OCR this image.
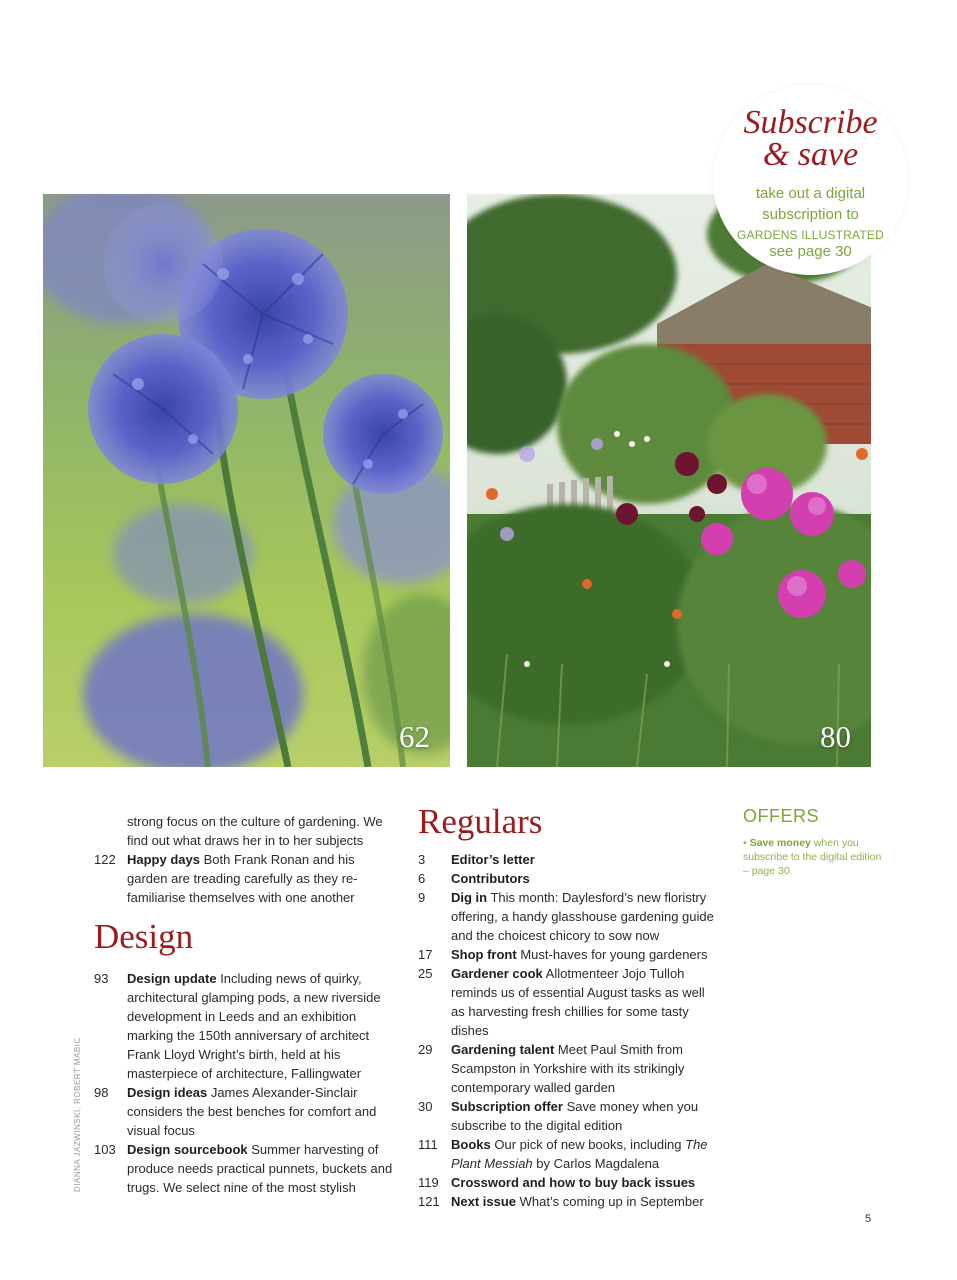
62	80
Subscribe
& save
take out a digital
subscription to
GARDENS ILLUSTRATED
see page 30
DIANNA JAZWINSKI, ROBERT MABIC
strong focus on the culture of gardening. We
find out what draws her in to her subjects
122 Happy days Both Frank Ronan and his garden are treading carefully as they re-familiarise themselves with one another
Design
93 Design update Including news of quirky, architectural glamping pods, a new riverside development in Leeds and an exhibition marking the 150th anniversary of architect Frank Lloyd Wright’s birth, held at his masterpiece of architecture, Fallingwater
98 Design ideas James Alexander-Sinclair considers the best benches for comfort and visual focus
103 Design sourcebook Summer harvesting of produce needs practical punnets, buckets and trugs. We select nine of the most stylish
Regulars
3 Editor’s letter
6 Contributors
9 Dig in This month: Daylesford’s new floristry offering, a handy glasshouse gardening guide and the choicest chicory to sow now
17 Shop front Must-haves for young gardeners
25 Gardener cook Allotmenteer Jojo Tulloh reminds us of essential August tasks as well as harvesting fresh chillies for some tasty dishes
29 Gardening talent Meet Paul Smith from Scampston in Yorkshire with its strikingly contemporary walled garden
30 Subscription offer Save money when you subscribe to the digital edition
111 Books Our pick of new books, including The Plant Messiah by Carlos Magdalena
119 Crossword and how to buy back issues
121 Next issue What’s coming up in September
OFFERS
• Save money when you subscribe to the digital edition – page 30
5
